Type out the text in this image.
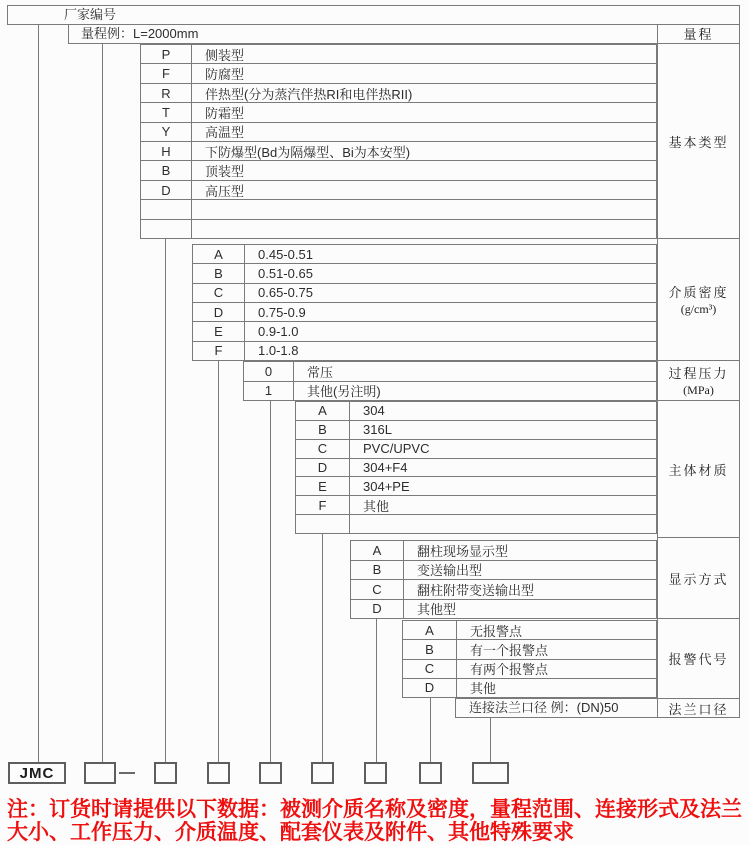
厂家编号
量程例：L=2000mm
连接法兰口径 例：(DN)50
P	侧装型
F	防腐型
R	伴热型(分为蒸汽伴热RI和电伴热RII)
T	防霜型
Y	高温型
H	下防爆型(Bd为隔爆型、Bi为本安型)
B	顶装型
D	高压型
A	0.45-0.51
B	0.51-0.65
C	0.65-0.75
D	0.75-0.9
E	0.9-1.0
F	1.0-1.8
0	常压
1	其他(另注明)
A	304
B	316L
C	PVC/UPVC
D	304+F4
E	304+PE
F	其他
A	翻柱现场显示型
B	变送输出型
C	翻柱附带变送输出型
D	其他型
A	无报警点
B	有一个报警点
C	有两个报警点
D	其他
量程
基本类型
介质密度
(g/cm³)
过程压力
(MPa)
主体材质
显示方式
报警代号
法兰口径
JMC
注：订货时请提供以下数据：被测介质名称及密度，量程范围、连接形式及法兰
大小、工作压力、介质温度、配套仪表及附件、其他特殊要求
